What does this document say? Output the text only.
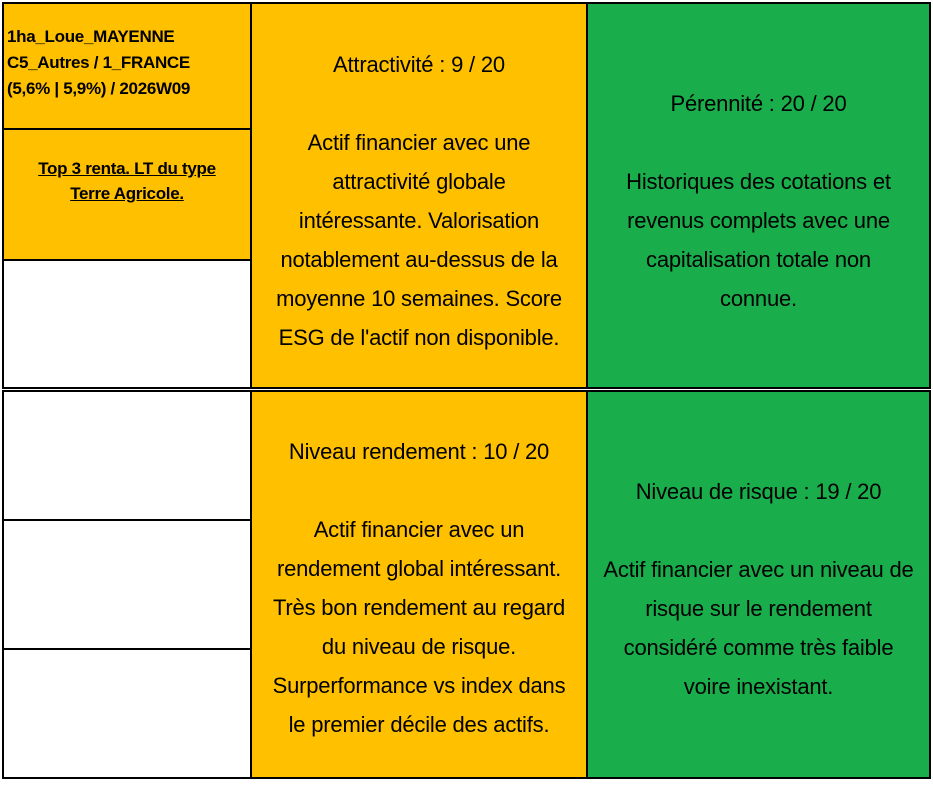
1ha_Loue_MAYENNE
C5_Autres / 1_FRANCE
(5,6% | 5,9%) / 2026W09
Top 3 renta. LT du type
Terre Agricole.
Attractivité : 9 / 20
Actif financier avec une
attractivité globale
intéressante. Valorisation
notablement au-dessus de la
moyenne 10 semaines. Score
ESG de l'actif non disponible.
Pérennité : 20 / 20
Historiques des cotations et
revenus complets avec une
capitalisation totale non
connue.
Niveau rendement : 10 / 20
Actif financier avec un
rendement global intéressant.
Très bon rendement au regard
du niveau de risque.
Surperformance vs index dans
le premier décile des actifs.
Niveau de risque : 19 / 20
Actif financier avec un niveau de
risque sur le rendement
considéré comme très faible
voire inexistant.
